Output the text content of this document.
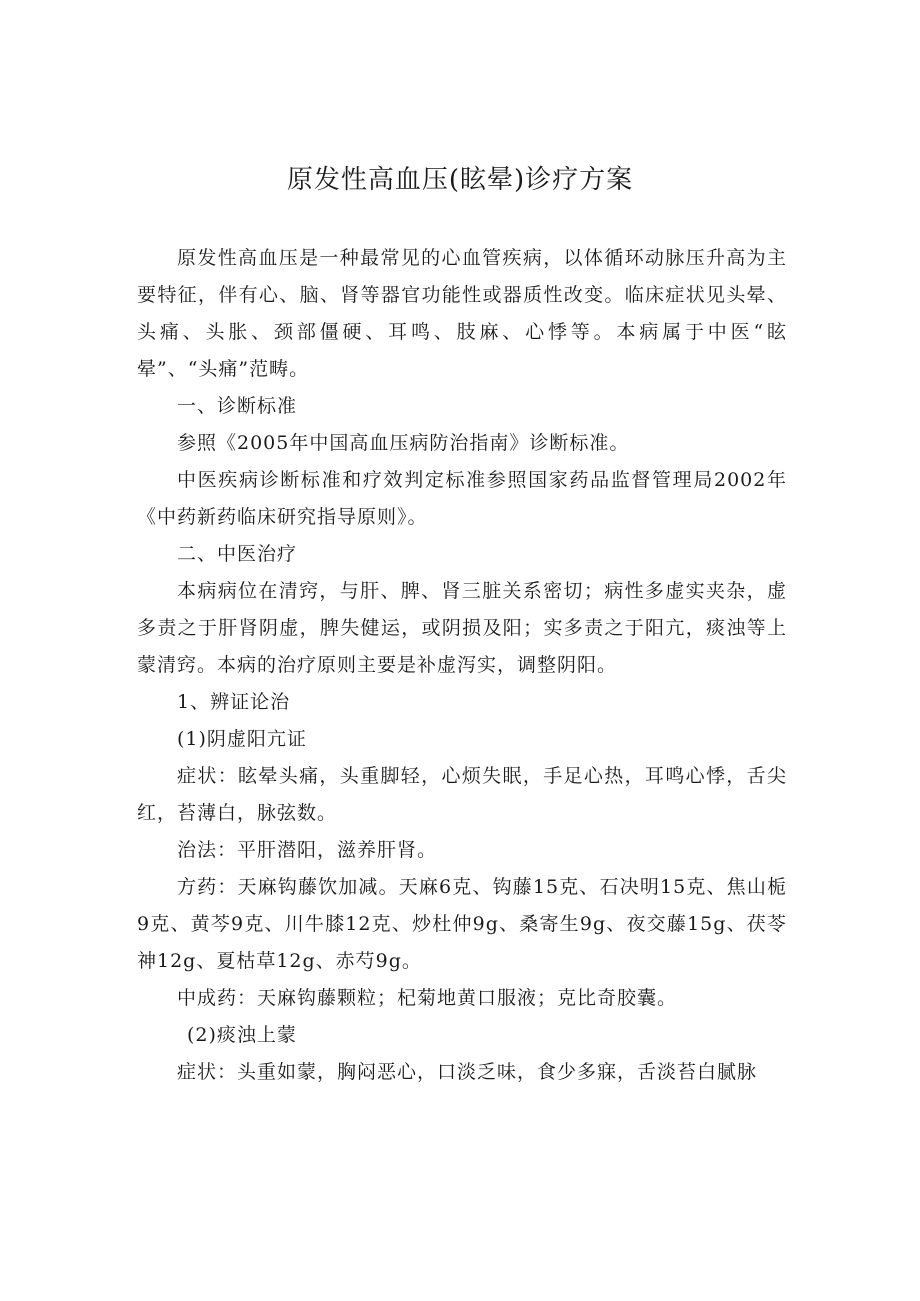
原发性高血压(眩晕)诊疗方案

原发性高血压是一种最常见的心血管疾病，以体循环动脉压升高为主要特征，伴有心、脑、肾等器官功能性或器质性改变。临床症状见头晕、头痛、头胀、颈部僵硬、耳鸣、肢麻、心悸等。本病属于中医“眩晕”、“头痛”范畴。

一、诊断标准

参照《2005年中国高血压病防治指南》诊断标准。

中医疾病诊断标准和疗效判定标准参照国家药品监督管理局2002年《中药新药临床研究指导原则》。

二、中医治疗

本病病位在清窍，与肝、脾、肾三脏关系密切；病性多虚实夹杂，虚多责之于肝肾阴虚，脾失健运，或阴损及阳；实多责之于阳亢，痰浊等上蒙清窍。本病的治疗原则主要是补虚泻实，调整阴阳。

1、辨证论治

(1)阴虚阳亢证

症状：眩晕头痛，头重脚轻，心烦失眠，手足心热，耳鸣心悸，舌尖红，苔薄白，脉弦数。

治法：平肝潜阳，滋养肝肾。

方药：天麻钩藤饮加减。天麻6克、钩藤15克、石决明15克、焦山栀9克、黄芩9克、川牛膝12克、炒杜仲9g、桑寄生9g、夜交藤15g、茯苓神12g、夏枯草12g、赤芍9g。

中成药：天麻钩藤颗粒；杞菊地黄口服液；克比奇胶囊。

(2)痰浊上蒙

症状：头重如蒙，胸闷恶心，口淡乏味，食少多寐，舌淡苔白腻脉
